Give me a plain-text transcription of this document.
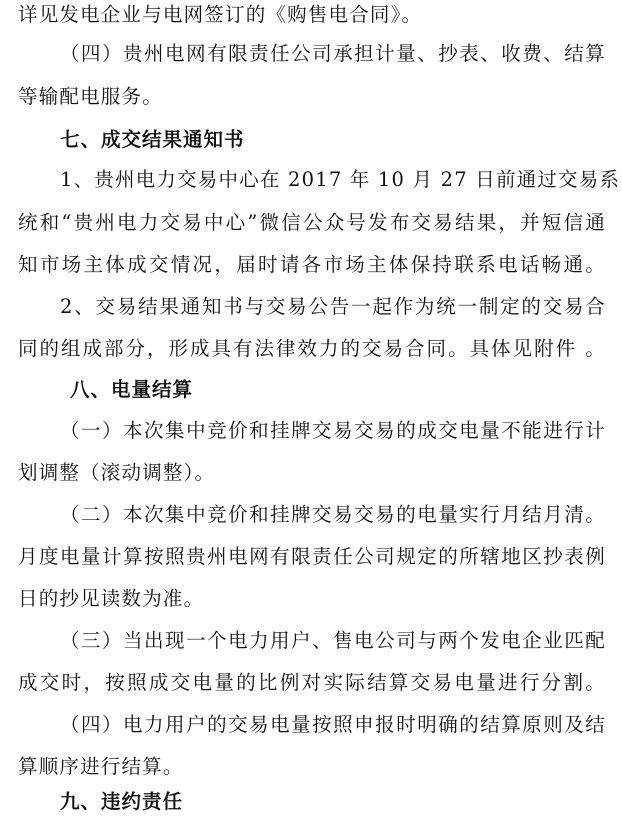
详见发电企业与电网签订的《购售电合同》。
（四）贵州电网有限责任公司承担计量、抄表、收费、结算
等输配电服务。
七、成交结果通知书
1、贵州电力交易中心在 2017 年 10 月 27 日前通过交易系
统和“贵州电力交易中心”微信公众号发布交易结果，并短信通
知市场主体成交情况，届时请各市场主体保持联系电话畅通。
2、交易结果通知书与交易公告一起作为统一制定的交易合
同的组成部分，形成具有法律效力的交易合同。具体见附件 。
八、电量结算
（一）本次集中竞价和挂牌交易交易的成交电量不能进行计
划调整（滚动调整）。
（二）本次集中竞价和挂牌交易交易的电量实行月结月清。
月度电量计算按照贵州电网有限责任公司规定的所辖地区抄表例
日的抄见读数为准。
（三）当出现一个电力用户、售电公司与两个发电企业匹配
成交时，按照成交电量的比例对实际结算交易电量进行分割。
（四）电力用户的交易电量按照申报时明确的结算原则及结
算顺序进行结算。
九、违约责任
